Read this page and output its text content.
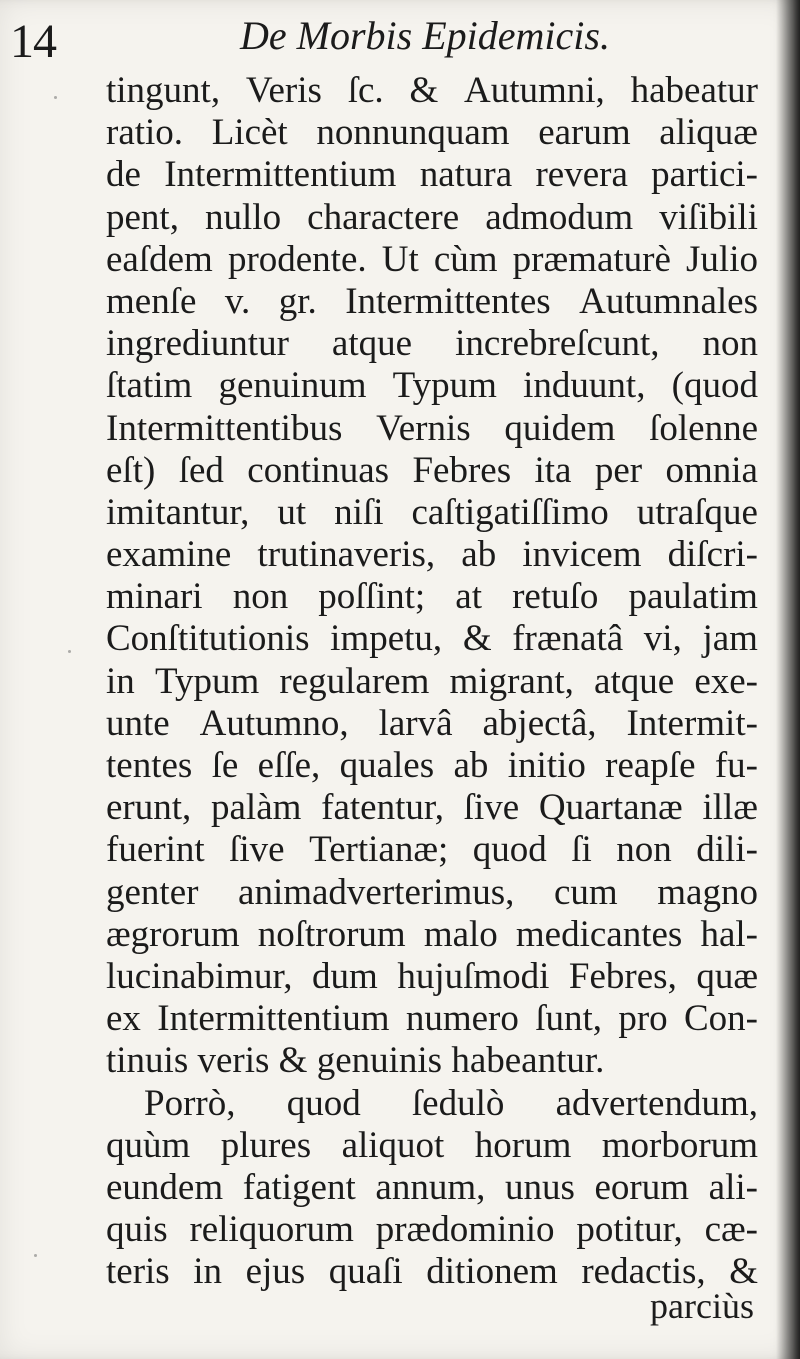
14	De Morbis Epidemicis.

tingunt, Veris ſc. & Autumni, habeatur

ratio. Licèt nonnunquam earum aliquæ

de Intermittentium natura revera partici-

pent, nullo charactere admodum viſibili

eaſdem prodente. Ut cùm præmaturè Julio

menſe v. gr. Intermittentes Autumnales

ingrediuntur atque increbreſcunt, non

ſtatim genuinum Typum induunt, (quod

Intermittentibus Vernis quidem ſolenne

eſt) ſed continuas Febres ita per omnia

imitantur, ut niſi caſtigatiſſimo utraſque

examine trutinaveris, ab invicem diſcri-

minari non poſſint; at retuſo paulatim

Conſtitutionis impetu, & frænatâ vi, jam

in Typum regularem migrant, atque exe-

unte Autumno, larvâ abjectâ, Intermit-

tentes ſe eſſe, quales ab initio reapſe fu-

erunt, palàm fatentur, ſive Quartanæ illæ

fuerint ſive Tertianæ; quod ſi non dili-

genter animadverterimus, cum magno

ægrorum noſtrorum malo medicantes hal-

lucinabimur, dum hujuſmodi Febres, quæ

ex Intermittentium numero ſunt, pro Con-

tinuis veris & genuinis habeantur.

Porrò, quod ſedulò advertendum,

quùm plures aliquot horum morborum

eundem fatigent annum, unus eorum ali-

quis reliquorum prædominio potitur, cæ-

teris in ejus quaſi ditionem redactis, &

parciùs
